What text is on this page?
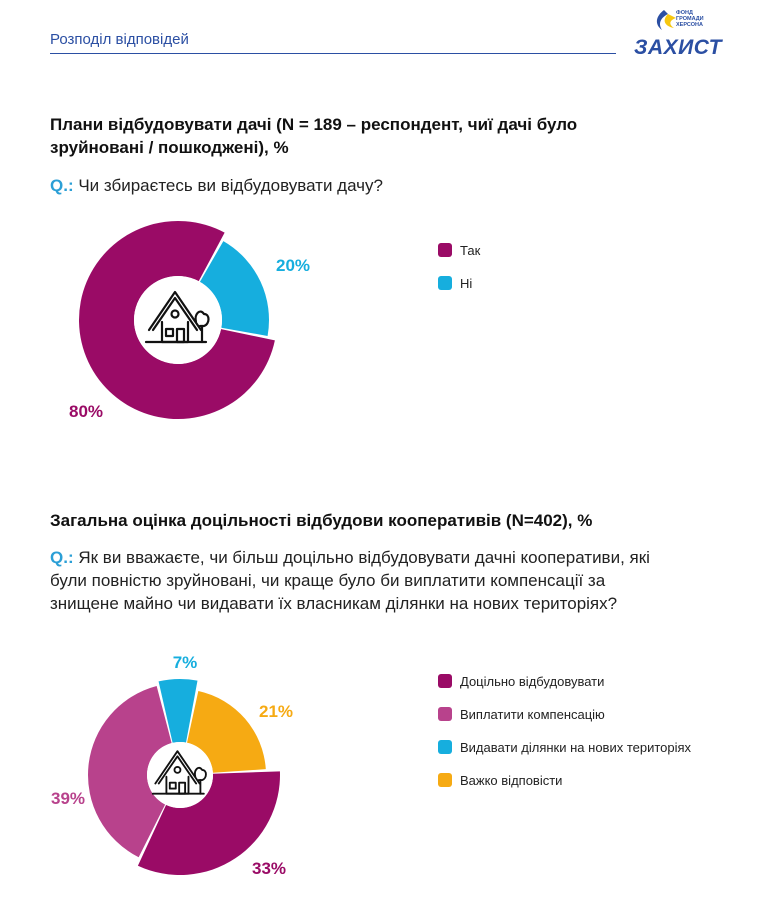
Розподіл відповідей
ФОНД ГРОМАДИ ХЕРСОНА
ЗАХИСТ
Плани відбудовувати дачі (N = 189 – респондент, чиї дачі було
зруйновані / пошкоджені), %
Q.: Чи збираєтесь ви відбудовувати дачу?
80%
20%
Так
Ні
Загальна оцінка доцільності відбудови кооперативів (N=402), %
Q.: Як ви вважаєте, чи більш доцільно відбудовувати дачні кооперативи, які
були повністю зруйновані, чи краще було би виплатити компенсації за
знищене майно чи видавати їх власникам ділянки на нових територіях?
33%
39%
7%
21%
Доцільно відбудовувати
Виплатити компенсацію
Видавати ділянки на нових територіях
Важко відповісти
